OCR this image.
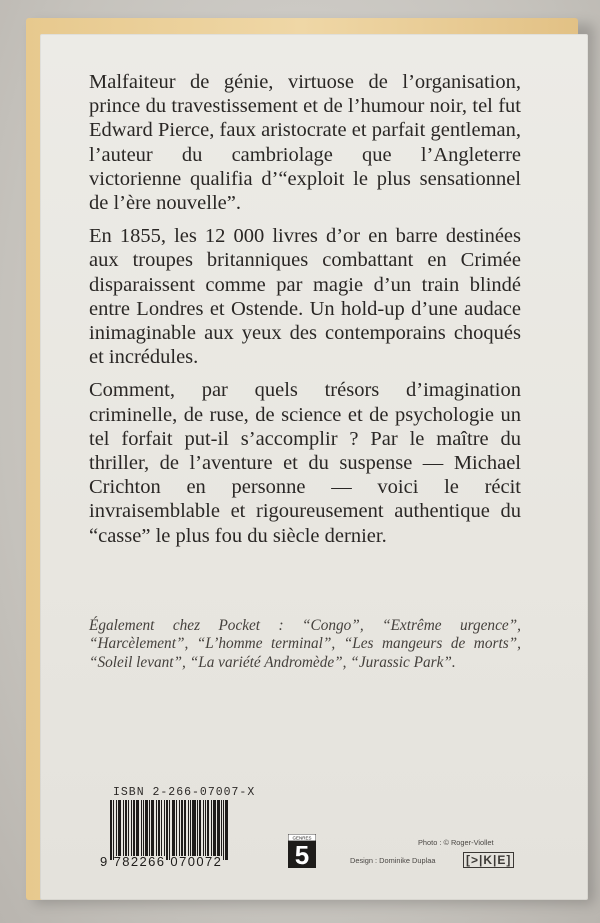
Malfaiteur de génie, virtuose de l’organisation, prince du travestissement et de l’humour noir, tel fut Edward Pierce, faux aristocrate et parfait gentleman, l’auteur du cambriolage que l’Angleterre victorienne qualifia d’“exploit le plus sensationnel de l’ère nouvelle”.

En 1855, les 12 000 livres d’or en barre destinées aux troupes britanniques combattant en Crimée disparaissent comme par magie d’un train blindé entre Londres et Ostende. Un hold-up d’une audace inimaginable aux yeux des contemporains choqués et incrédules.

Comment, par quels trésors d’imagination criminelle, de ruse, de science et de psychologie un tel forfait put-il s’accomplir ? Par le maître du thriller, de l’aventure et du suspense — Michael Crichton en personne — voici le récit invraisemblable et rigoureusement authentique du “casse” le plus fou du siècle dernier.

Également chez Pocket : “Congo”, “Extrême urgence”, “Harcèlement”, “L’homme terminal”, “Les mangeurs de morts”, “Soleil levant”, “La variété Andromède”, “Jurassic Park”.
ISBN 2-266-07007-X
9 782266 070072
GENRES
5	Photo : © Roger-Viollet
Design : Dominike Duplaa	[>|K|E]
